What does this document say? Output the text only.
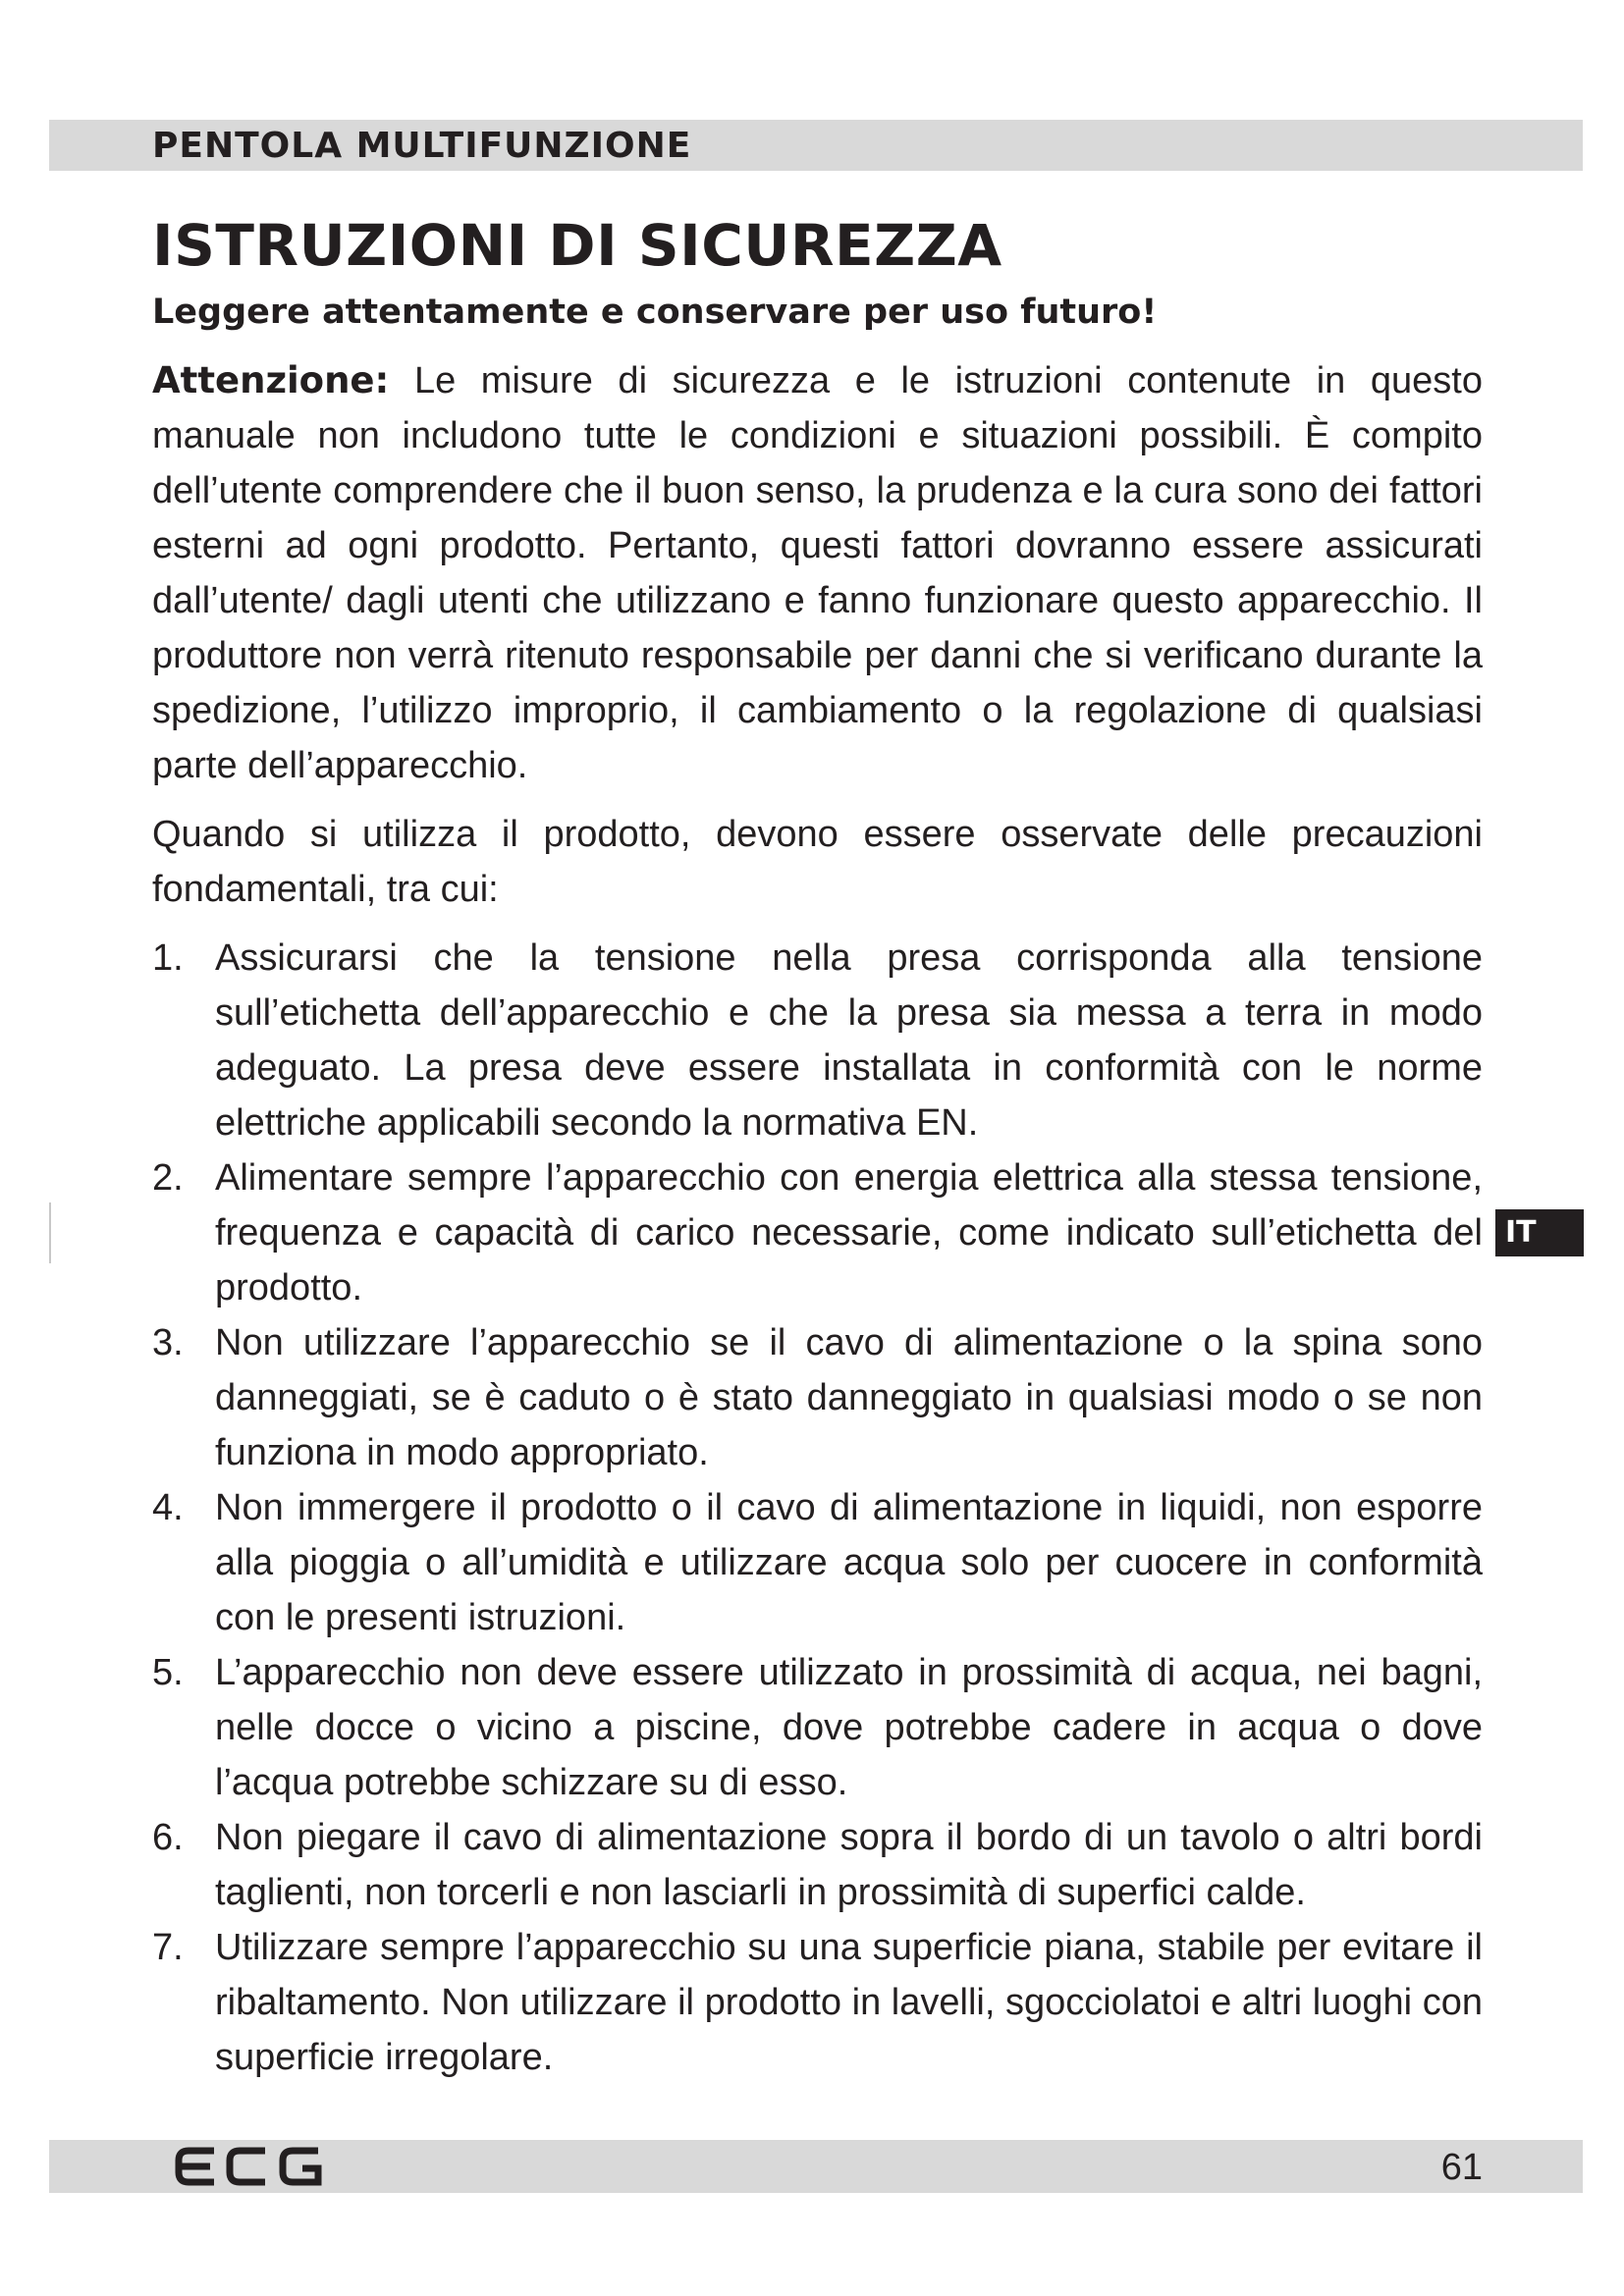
PENTOLA MULTIFUNZIONE
ISTRUZIONI DI SICUREZZA
Leggere attentamente e conservare per uso futuro!

Attenzione: Le misure di sicurezza e le istruzioni contenute in questo manuale non includono tutte le condizioni e situazioni possibili. È compito dell’utente comprendere che il buon senso, la prudenza e la cura sono dei fattori esterni ad ogni prodotto. Pertanto, questi fattori dovranno essere assicurati dall’utente/ dagli utenti che utilizzano e fanno funzionare questo apparecchio. Il produttore non verrà ritenuto responsabile per danni che si verificano durante la spedizione, l’utilizzo improprio, il cambiamento o la regolazione di qualsiasi parte dell’apparecchio.

Quando si utilizza il prodotto, devono essere osservate delle precauzioni fondamentali, tra cui:

1. Assicurarsi che la tensione nella presa corrisponda alla tensione sull’etichetta dell’apparecchio e che la presa sia messa a terra in modo adeguato. La presa deve essere installata in conformità con le norme elettriche applicabili secondo la normativa EN.
2. Alimentare sempre l’apparecchio con energia elettrica alla stessa tensione, frequenza e capacità di carico necessarie, come indicato sull’etichetta del prodotto.
3. Non utilizzare l’apparecchio se il cavo di alimentazione o la spina sono danneggiati, se è caduto o è stato danneggiato in qualsiasi modo o se non funziona in modo appropriato.
4. Non immergere il prodotto o il cavo di alimentazione in liquidi, non esporre alla pioggia o all’umidità e utilizzare acqua solo per cuocere in conformità con le presenti istruzioni.
5. L’apparecchio non deve essere utilizzato in prossimità di acqua, nei bagni, nelle docce o vicino a piscine, dove potrebbe cadere in acqua o dove l’acqua potrebbe schizzare su di esso.
6. Non piegare il cavo di alimentazione sopra il bordo di un tavolo o altri bordi taglienti, non torcerli e non lasciarli in prossimità di superfici calde.
7. Utilizzare sempre l’apparecchio su una superficie piana, stabile per evitare il ribaltamento. Non utilizzare il prodotto in lavelli, sgocciolatoi e altri luoghi con superficie irregolare.
IT
61
